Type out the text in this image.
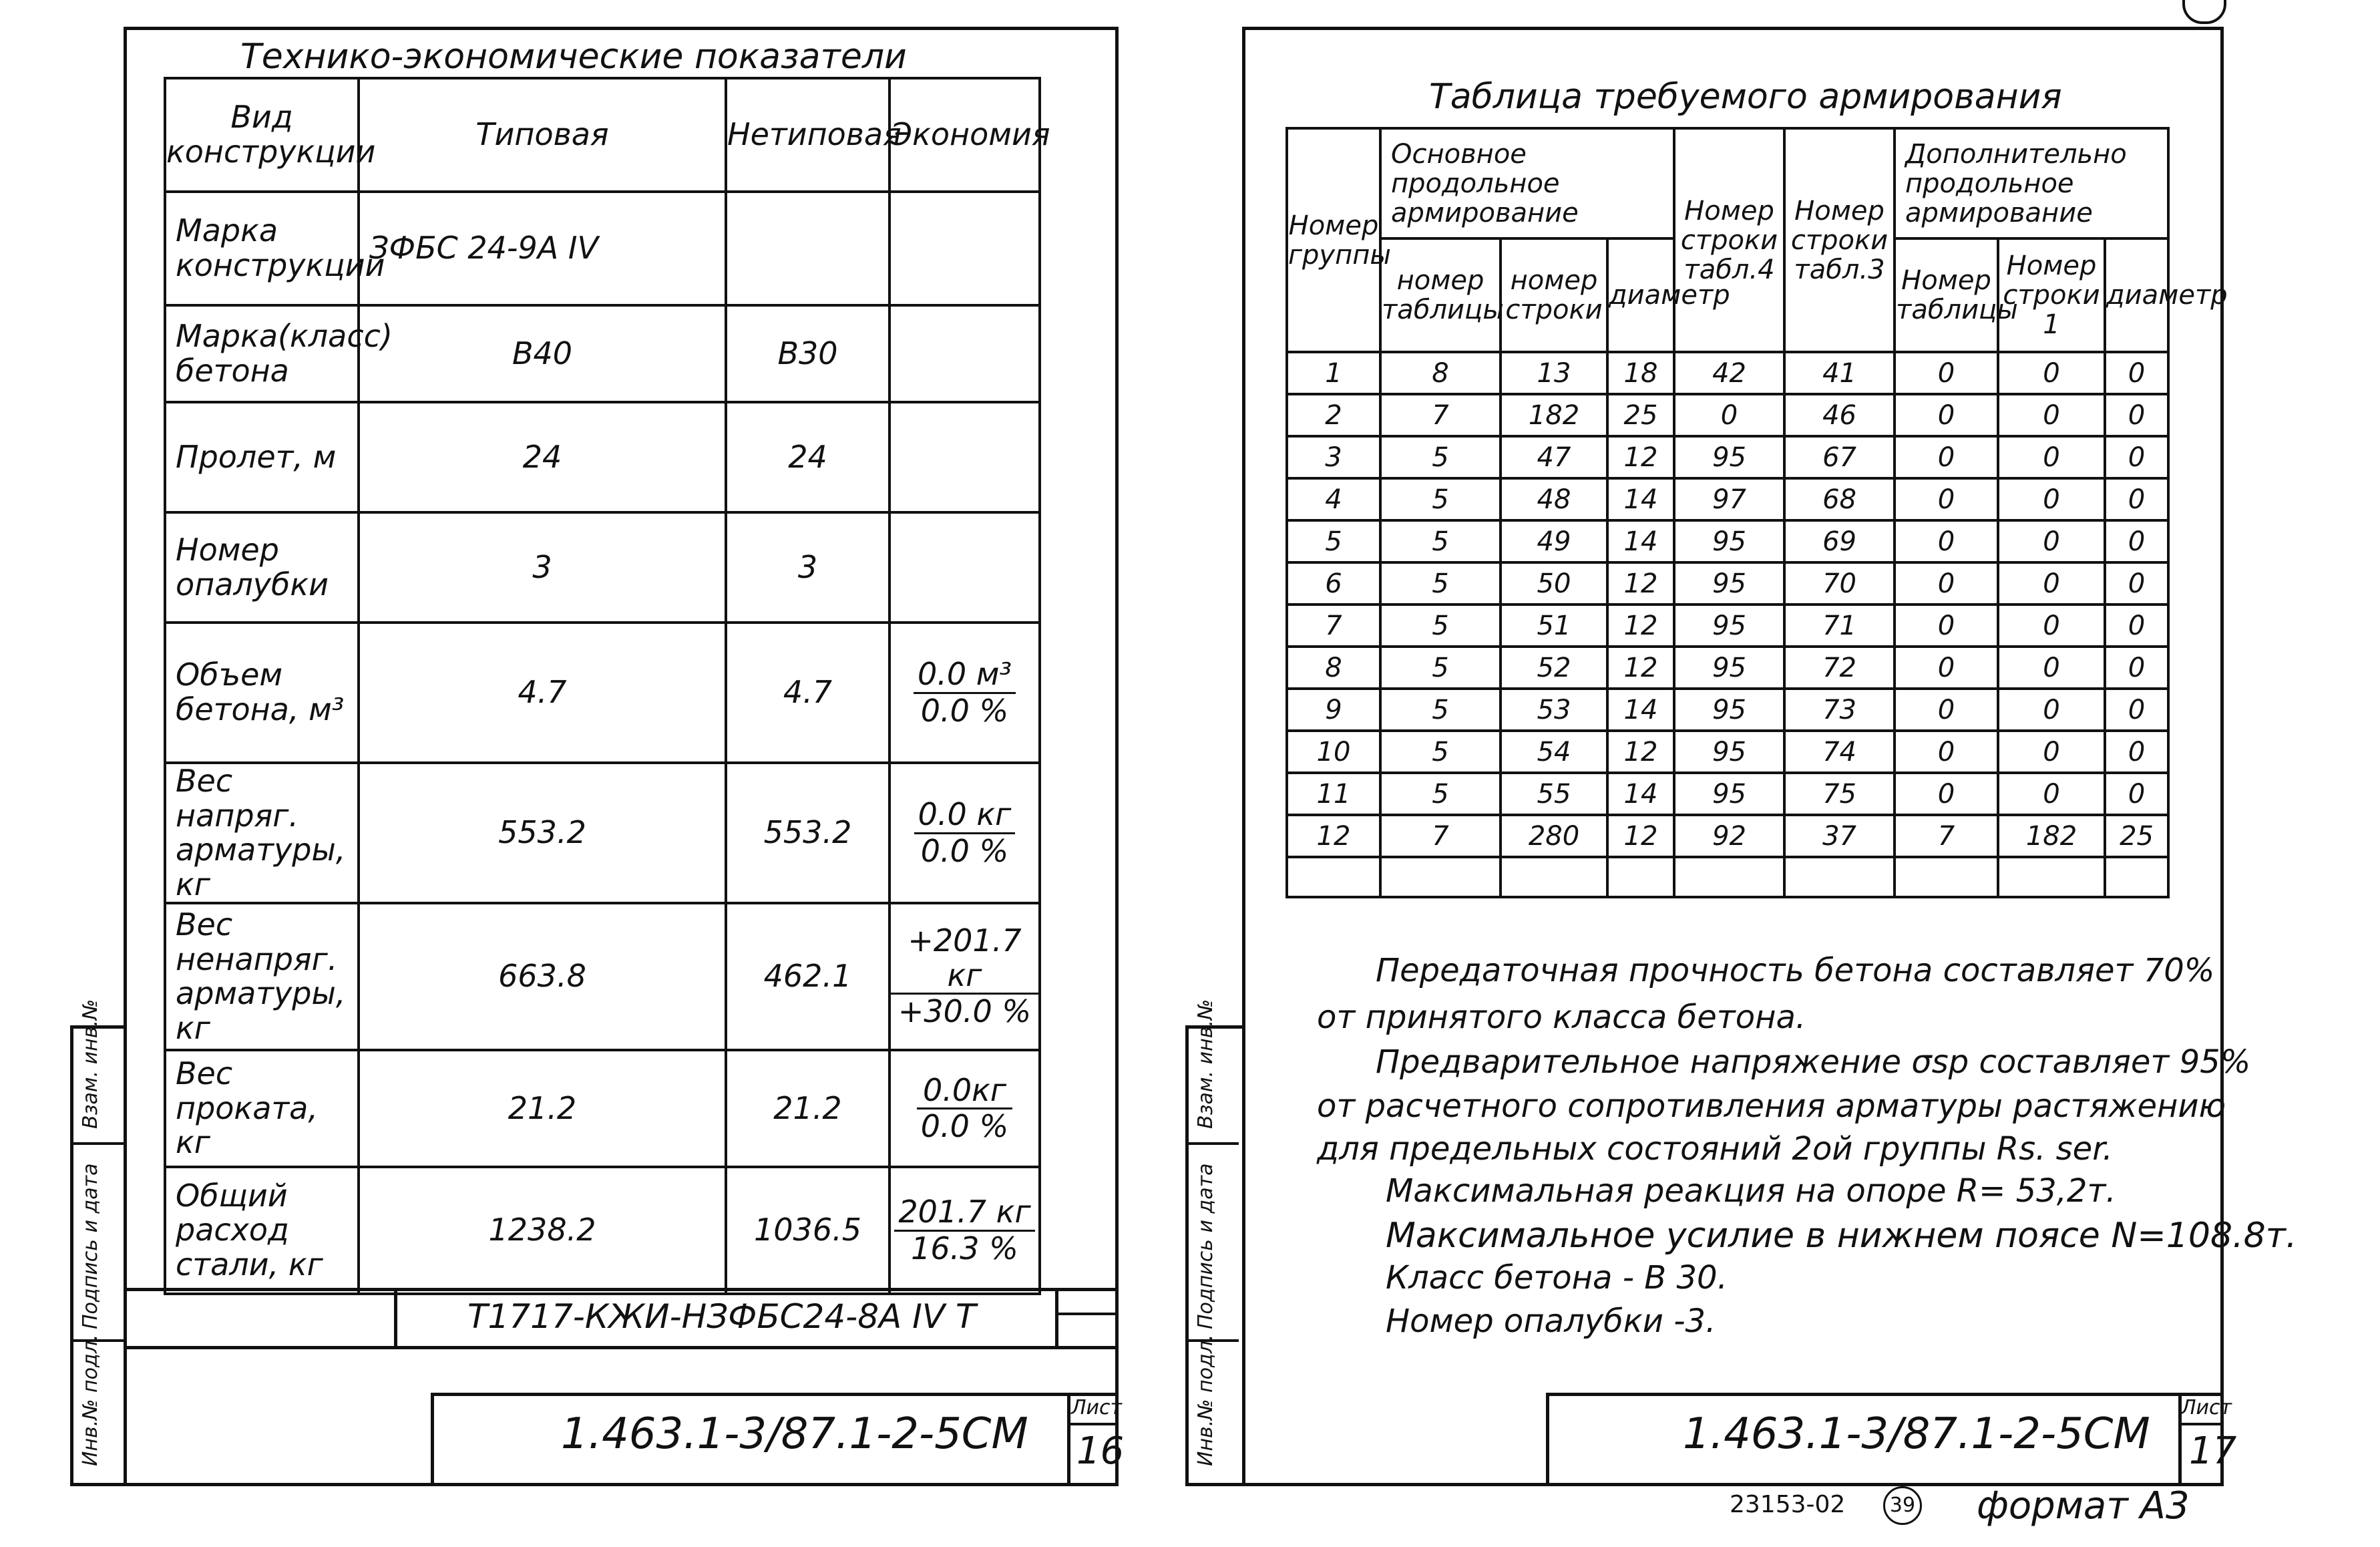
Инв.№ подл.
Подпись и дата
Взам. инв.№
Технико-экономические показатели
Вид конструкции	Типовая	Нетиповая	Экономия
Марка конструкции	ЗФБС 24-9А IV		
Марка(класс) бетона	В40	В30	
Пролет, м	24	24	
Номер опалубки	3	3	
Объем бетона, м³	4.7	4.7	0.0 м³
0.0 %

Вес напряг. арматуры, кг	553.2	553.2	0.0 кг
0.0 %

Вес ненапряг. арматуры, кг	663.8	462.1	+201.7 кг
+30.0 %

Вес проката, кг	21.2	21.2	0.0кг
0.0 %

Общий расход стали, кг	1238.2	1036.5	201.7 кг
16.3 %
Т1717-КЖИ-НЗФБС24-8А IV Т
1.463.1-3/87.1-2-5СМ
Лист
16	Инв.№ подл.
Подпись и дата
Взам. инв.№
Таблица требуемого армирования
Номер группы	Основное продольное армирование			Номер строки табл.4	Номер строки табл.3	Дополнительно продольное армирование		
	номер таблицы	номер строки	диаметр			Номер таблицы	Номер строки 1	диаметр
1	8	13	18	42	41	0	0	0
2	7	182	25	0	46	0	0	0
3	5	47	12	95	67	0	0	0
4	5	48	14	97	68	0	0	0
5	5	49	14	95	69	0	0	0
6	5	50	12	95	70	0	0	0
7	5	51	12	95	71	0	0	0
8	5	52	12	95	72	0	0	0
9	5	53	14	95	73	0	0	0
10	5	54	12	95	74	0	0	0
11	5	55	14	95	75	0	0	0
12	7	280	12	92	37	7	182	25

Передаточная прочность бетона составляет 70%
от принятого класса бетона.
Предварительное напряжение σsp составляет 95%
от расчетного сопротивления арматуры растяжению
для предельных состояний 2ой группы Rs. ser.
Максимальная реакция на опоре R= 53,2т.
Максимальное усилие в нижнем поясе N=108.8т.
Класс бетона - В 30.
Номер опалубки -3.
1.463.1-3/87.1-2-5СМ
Лист
17
23153-02	39 формат А3
